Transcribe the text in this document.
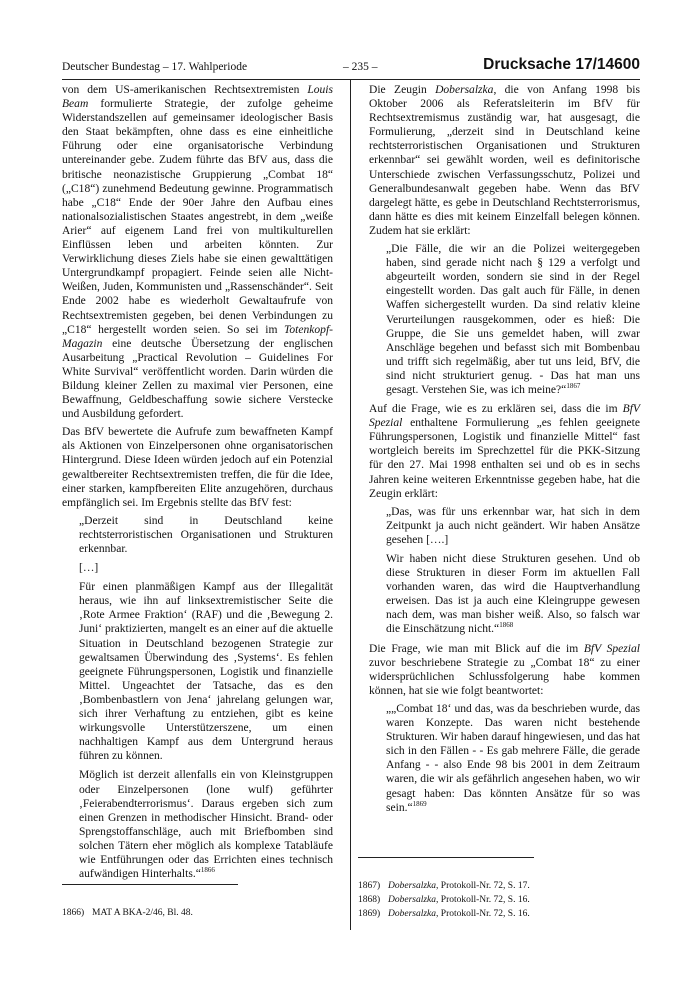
Deutscher Bundestag – 17. Wahlperiode	– 235 –	Drucksache 17/14600

von dem US-amerikanischen Rechtsextremisten Louis Beam formulierte Strategie, der zufolge geheime Widerstandszellen auf gemeinsamer ideologischer Basis den Staat bekämpften, ohne dass es eine einheitliche Führung oder eine organisatorische Verbindung untereinander gebe. Zudem führte das BfV aus, dass die britische neonazistische Gruppierung „Combat 18“ („C18“) zunehmend Bedeutung gewinne. Programmatisch habe „C18“ Ende der 90er Jahre den Aufbau eines nationalsozialistischen Staates angestrebt, in dem „weiße Arier“ auf eigenem Land frei von multikulturellen Einflüssen leben und arbeiten könnten. Zur Verwirklichung dieses Ziels habe sie einen gewalttätigen Untergrundkampf propagiert. Feinde seien alle Nicht-Weißen, Juden, Kommunisten und „Rassenschänder“. Seit Ende 2002 habe es wiederholt Gewaltaufrufe von Rechtsextremisten gegeben, bei denen Verbindungen zu „C18“ hergestellt worden seien. So sei im Totenkopf-Magazin eine deutsche Übersetzung der englischen Ausarbeitung „Practical Revolution – Guidelines For White Survival“ veröffentlicht worden. Darin würden die Bildung kleiner Zellen zu maximal vier Personen, eine Bewaffnung, Geldbeschaffung sowie sichere Verstecke und Ausbildung gefordert.

Das BfV bewertete die Aufrufe zum bewaffneten Kampf als Aktionen von Einzelpersonen ohne organisatorischen Hintergrund. Diese Ideen würden jedoch auf ein Potenzial gewaltbereiter Rechtsextremisten treffen, die für die Idee, einer starken, kampfbereiten Elite anzugehören, durchaus empfänglich sei. Im Ergebnis stellte das BfV fest:

„Derzeit sind in Deutschland keine rechtsterroristischen Organisationen und Strukturen erkennbar.

[…]

Für einen planmäßigen Kampf aus der Illegalität heraus, wie ihn auf linksextremistischer Seite die ‚Rote Armee Fraktion‘ (RAF) und die ‚Bewegung 2. Juni‘ praktizierten, mangelt es an einer auf die aktuelle Situation in Deutschland bezogenen Strategie zur gewaltsamen Überwindung des ‚Systems‘. Es fehlen geeignete Führungspersonen, Logistik und finanzielle Mittel. Ungeachtet der Tatsache, das es den ‚Bombenbastlern von Jena‘ jahrelang gelungen war, sich ihrer Verhaftung zu entziehen, gibt es keine wirkungsvolle Unterstützerszene, um einen nachhaltigen Kampf aus dem Untergrund heraus führen zu können.

Möglich ist derzeit allenfalls ein von Kleinstgruppen oder Einzelpersonen (lone wulf) geführter ‚Feierabendterrorismus‘. Daraus ergeben sich zum einen Grenzen in methodischer Hinsicht. Brand- oder Sprengstoffanschläge, auch mit Briefbomben sind solchen Tätern eher möglich als komplexe Tatabläufe wie Entführungen oder das Errichten eines technisch aufwändigen Hinterhalts.“$^{1866}$

1866) MAT A BKA-2/46, Bl. 48.

Die Zeugin Dobersalzka, die von Anfang 1998 bis Oktober 2006 als Referatsleiterin im BfV für Rechtsextremismus zuständig war, hat ausgesagt, die Formulierung, „derzeit sind in Deutschland keine rechtsterroristischen Organisationen und Strukturen erkennbar“ sei gewählt worden, weil es definitorische Unterschiede zwischen Verfassungsschutz, Polizei und Generalbundesanwalt gegeben habe. Wenn das BfV dargelegt hätte, es gebe in Deutschland Rechtsterrorismus, dann hätte es dies mit keinem Einzelfall belegen können. Zudem hat sie erklärt:

„Die Fälle, die wir an die Polizei weitergegeben haben, sind gerade nicht nach § 129 a verfolgt und abgeurteilt worden, sondern sie sind in der Regel eingestellt worden. Das galt auch für Fälle, in denen Waffen sichergestellt wurden. Da sind relativ kleine Verurteilungen rausgekommen, oder es hieß: Die Gruppe, die Sie uns gemeldet haben, will zwar Anschläge begehen und befasst sich mit Bombenbau und trifft sich regelmäßig, aber tut uns leid, BfV, die sind nicht strukturiert genug. - Das hat man uns gesagt. Verstehen Sie, was ich meine?“$^{1867}$

Auf die Frage, wie es zu erklären sei, dass die im BfV Spezial enthaltene Formulierung „es fehlen geeignete Führungspersonen, Logistik und finanzielle Mittel“ fast wortgleich bereits im Sprechzettel für die PKK-Sitzung für den 27. Mai 1998 enthalten sei und ob es in sechs Jahren keine weiteren Erkenntnisse gegeben habe, hat die Zeugin erklärt:

„Das, was für uns erkennbar war, hat sich in dem Zeitpunkt ja auch nicht geändert. Wir haben Ansätze gesehen [….]

Wir haben nicht diese Strukturen gesehen. Und ob diese Strukturen in dieser Form im aktuellen Fall vorhanden waren, das wird die Hauptverhandlung erweisen. Das ist ja auch eine Kleingruppe gewesen nach dem, was man bisher weiß. Also, so falsch war die Einschätzung nicht.“$^{1868}$

Die Frage, wie man mit Blick auf die im BfV Spezial zuvor beschriebene Strategie zu „Combat 18“ zu einer widersprüchlichen Schlussfolgerung habe kommen können, hat sie wie folgt beantwortet:

„„Combat 18‘ und das, was da beschrieben wurde, das waren Konzepte. Das waren nicht bestehende Strukturen. Wir haben darauf hingewiesen, und das hat sich in den Fällen - - Es gab mehrere Fälle, die gerade Anfang - - also Ende 98 bis 2001 in dem Zeitraum waren, die wir als gefährlich angesehen haben, wo wir gesagt haben: Das könnten Ansätze für so was sein.“$^{1869}$

1867) Dobersalzka, Protokoll-Nr. 72, S. 17.
1868) Dobersalzka, Protokoll-Nr. 72, S. 16.
1869) Dobersalzka, Protokoll-Nr. 72, S. 16.
